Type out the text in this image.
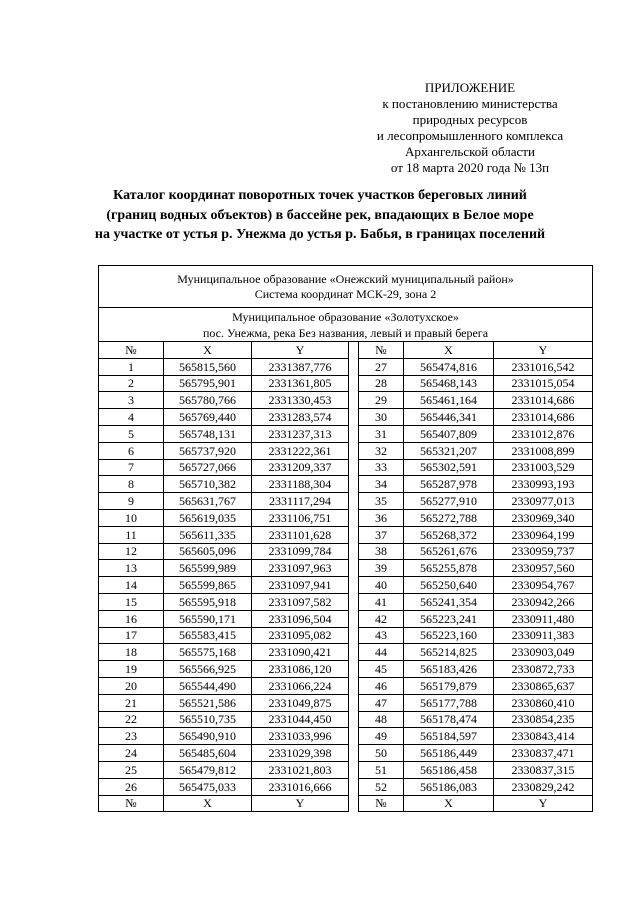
ПРИЛОЖЕНИЕ
к постановлению министерства
природных ресурсов
и лесопромышленного комплекса
Архангельской области
от 18 марта 2020 года № 13п
Каталог координат поворотных точек участков береговых линий
(границ водных объектов) в бассейне рек, впадающих в Белое море
на участке от устья р. Унежма до устья р. Бабья, в границах поселений
Муниципальное образование «Онежский муниципальный район»
Система координат МСК-29, зона 2						

Муниципальное образование «Золотухское»						
пос. Унежма, река Без названия, левый и правый берега						
№	X	Y		№	X	Y
1	565815,560	2331387,776		27	565474,816	2331016,542
2	565795,901	2331361,805		28	565468,143	2331015,054
3	565780,766	2331330,453		29	565461,164	2331014,686
4	565769,440	2331283,574		30	565446,341	2331014,686
5	565748,131	2331237,313		31	565407,809	2331012,876
6	565737,920	2331222,361		32	565321,207	2331008,899
7	565727,066	2331209,337		33	565302,591	2331003,529
8	565710,382	2331188,304		34	565287,978	2330993,193
9	565631,767	2331117,294		35	565277,910	2330977,013
10	565619,035	2331106,751		36	565272,788	2330969,340
11	565611,335	2331101,628		37	565268,372	2330964,199
12	565605,096	2331099,784		38	565261,676	2330959,737
13	565599,989	2331097,963		39	565255,878	2330957,560
14	565599,865	2331097,941		40	565250,640	2330954,767
15	565595,918	2331097,582		41	565241,354	2330942,266
16	565590,171	2331096,504		42	565223,241	2330911,480
17	565583,415	2331095,082		43	565223,160	2330911,383
18	565575,168	2331090,421		44	565214,825	2330903,049
19	565566,925	2331086,120		45	565183,426	2330872,733
20	565544,490	2331066,224		46	565179,879	2330865,637
21	565521,586	2331049,875		47	565177,788	2330860,410
22	565510,735	2331044,450		48	565178,474	2330854,235
23	565490,910	2331033,996		49	565184,597	2330843,414
24	565485,604	2331029,398		50	565186,449	2330837,471
25	565479,812	2331021,803		51	565186,458	2330837,315
26	565475,033	2331016,666		52	565186,083	2330829,242
№	X	Y		№	X	Y
